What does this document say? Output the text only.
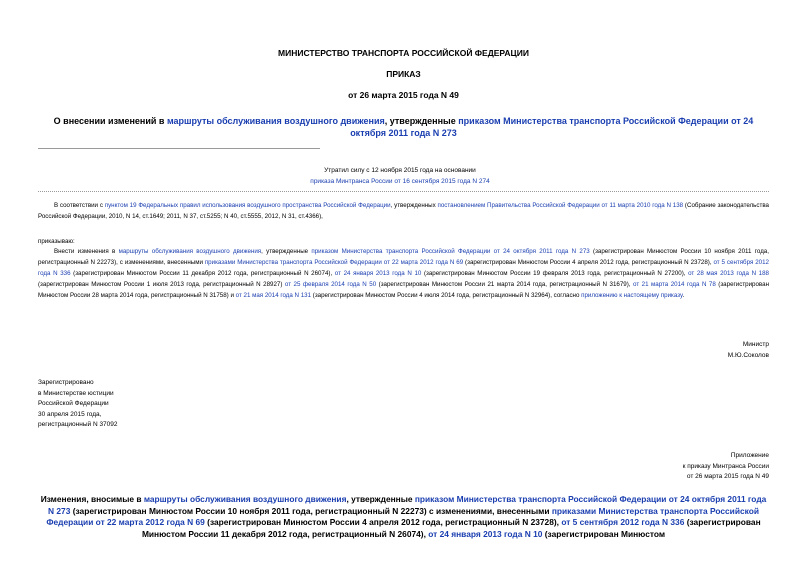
МИНИСТЕРСТВО ТРАНСПОРТА РОССИЙСКОЙ ФЕДЕРАЦИИ
ПРИКАЗ
от 26 марта 2015 года N 49
О внесении изменений в маршруты обслуживания воздушного движения, утвержденные приказом Министерства транспорта Российской Федерации от 24 октября 2011 года N 273
Утратил силу с 12 ноября 2015 года на основании
приказа Минтранса России от 16 сентября 2015 года N 274
В соответствии с пунктом 19 Федеральных правил использования воздушного пространства Российской Федерации, утвержденных постановлением Правительства Российской Федерации от 11 марта 2010 года N 138 (Собрание законодательства Российской Федерации, 2010, N 14, ст.1649; 2011, N 37, ст.5255; N 40, ст.5555, 2012, N 31, ст.4366),
приказываю:
Внести изменения в маршруты обслуживания воздушного движения, утвержденные приказом Министерства транспорта Российской Федерации от 24 октября 2011 года N 273 (зарегистрирован Минюстом России 10 ноября 2011 года, регистрационный N 22273), с изменениями, внесенными приказами Министерства транспорта Российской Федерации от 22 марта 2012 года N 69 (зарегистрирован Минюстом России 4 апреля 2012 года, регистрационный N 23728), от 5 сентября 2012 года N 336 (зарегистрирован Минюстом России 11 декабря 2012 года, регистрационный N 26074), от 24 января 2013 года N 10 (зарегистрирован Минюстом России 19 февраля 2013 года, регистрационный N 27200), от 28 мая 2013 года N 188 (зарегистрирован Минюстом России 1 июля 2013 года, регистрационный N 28927) от 25 февраля 2014 года N 50 (зарегистрирован Минюстом России 21 марта 2014 года, регистрационный N 31679), от 21 марта 2014 года N 78 (зарегистрирован Минюстом России 28 марта 2014 года, регистрационный N 31758) и от 21 мая 2014 года N 131 (зарегистрирован Минюстом России 4 июля 2014 года, регистрационный N 32964), согласно приложению к настоящему приказу.
Министр
М.Ю.Соколов
Зарегистрировано
в Министерстве юстиции
Российской Федерации
30 апреля 2015 года,
регистрационный N 37092
Приложение
к приказу Минтранса России
от 26 марта 2015 года N 49
Изменения, вносимые в маршруты обслуживания воздушного движения, утвержденные приказом Министерства транспорта Российской Федерации от 24 октября 2011 года N 273 (зарегистрирован Минюстом России 10 ноября 2011 года, регистрационный N 22273) с изменениями, внесенными приказами Министерства транспорта Российской Федерации от 22 марта 2012 года N 69 (зарегистрирован Минюстом России 4 апреля 2012 года, регистрационный N 23728), от 5 сентября 2012 года N 336 (зарегистрирован Минюстом России 11 декабря 2012 года, регистрационный N 26074), от 24 января 2013 года N 10 (зарегистрирован Минюстом
